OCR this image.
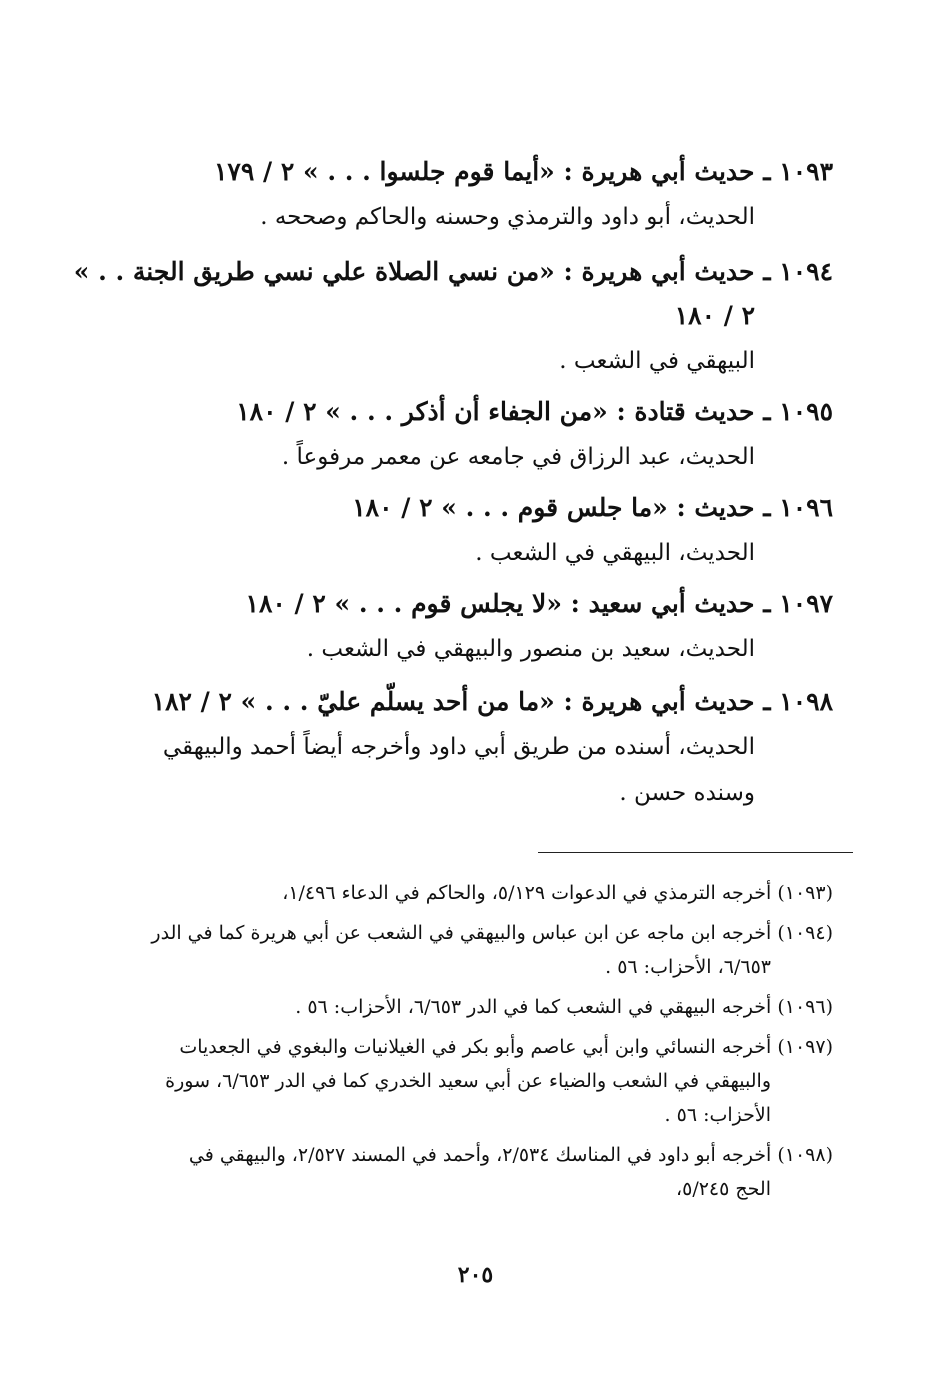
١٠٩٣ ـ حديث أبي هريرة : «أيما قوم جلسوا . . . » ٢ / ١٧٩
الحديث، أبو داود والترمذي وحسنه والحاكم وصححه .
١٠٩٤ ـ حديث أبي هريرة : «من نسي الصلاة علي نسي طريق الجنة . . »
٢ / ١٨٠
البيهقي في الشعب .
١٠٩٥ ـ حديث قتادة : «من الجفاء أن أذكر . . . » ٢ / ١٨٠
الحديث، عبد الرزاق في جامعه عن معمر مرفوعاً .
١٠٩٦ ـ حديث : «ما جلس قوم . . . » ٢ / ١٨٠
الحديث، البيهقي في الشعب .
١٠٩٧ ـ حديث أبي سعيد : «لا يجلس قوم . . . » ٢ / ١٨٠
الحديث، سعيد بن منصور والبيهقي في الشعب .
١٠٩٨ ـ حديث أبي هريرة : «ما من أحد يسلّم عليّ . . . » ٢ / ١٨٢
الحديث، أسنده من طريق أبي داود وأخرجه أيضاً أحمد والبيهقي
وسنده حسن .
(١٠٩٣) أخرجه الترمذي في الدعوات ٥/١٢٩، والحاكم في الدعاء ١/٤٩٦،
(١٠٩٤) أخرجه ابن ماجه عن ابن عباس والبيهقي في الشعب عن أبي هريرة كما في الدر
٦/٦٥٣، الأحزاب: ٥٦ .
(١٠٩٦) أخرجه البيهقي في الشعب كما في الدر ٦/٦٥٣، الأحزاب: ٥٦ .
(١٠٩٧) أخرجه النسائي وابن أبي عاصم وأبو بكر في الغيلانيات والبغوي في الجعديات
والبيهقي في الشعب والضياء عن أبي سعيد الخدري كما في الدر ٦/٦٥٣، سورة
الأحزاب: ٥٦ .
(١٠٩٨) أخرجه أبو داود في المناسك ٢/٥٣٤، وأحمد في المسند ٢/٥٢٧، والبيهقي في
الحج ٥/٢٤٥،
٢٠٥
